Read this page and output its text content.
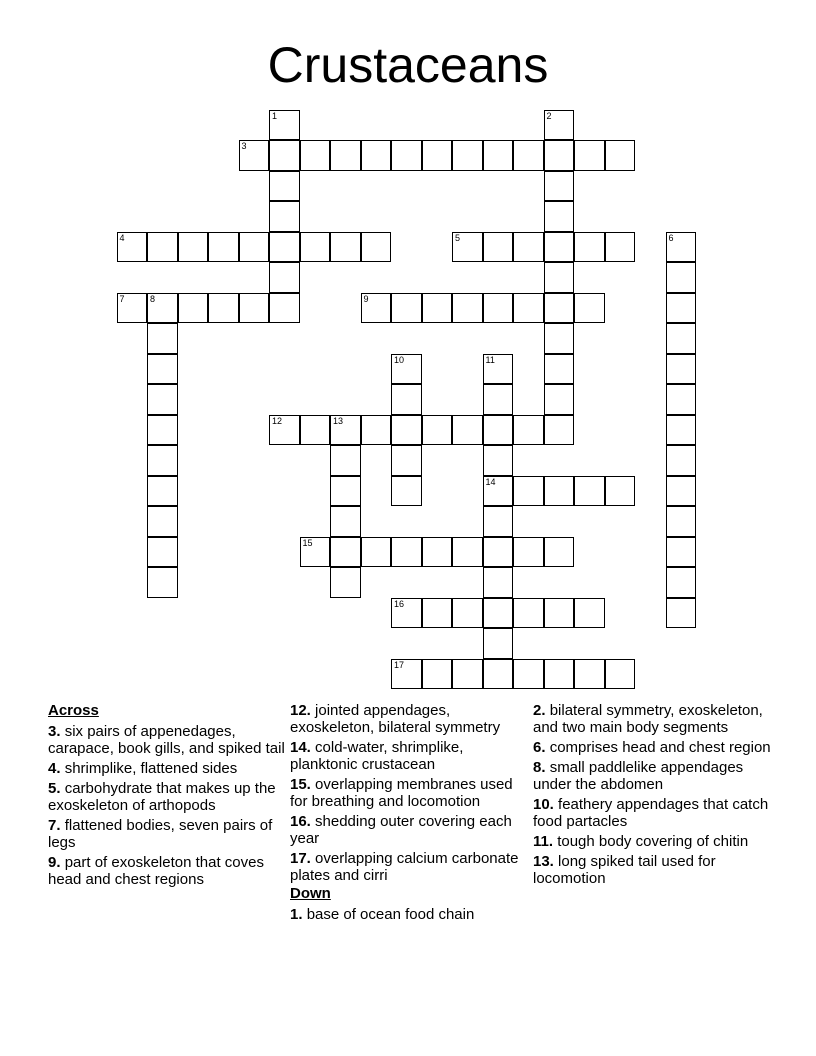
Crustaceans
1	2
3
4	5	6
7	8	9
10	11
12	13
14
15
16
17
Across
3. six pairs of appenedages, carapace, book gills, and spiked tail
4. shrimplike, flattened sides
5. carbohydrate that makes up the exoskeleton of arthopods
7. flattened bodies, seven pairs of legs
9. part of exoskeleton that coves head and chest regions
12. jointed appendages, exoskeleton, bilateral symmetry
14. cold-water, shrimplike, planktonic crustacean
15. overlapping membranes used for breathing and locomotion
16. shedding outer covering each year
17. overlapping calcium carbonate plates and cirri
Down
1. base of ocean food chain
2. bilateral symmetry, exoskeleton, and two main body segments
6. comprises head and chest region
8. small paddlelike appendages under the abdomen
10. feathery appendages that catch food partacles
11. tough body covering of chitin
13. long spiked tail used for locomotion
